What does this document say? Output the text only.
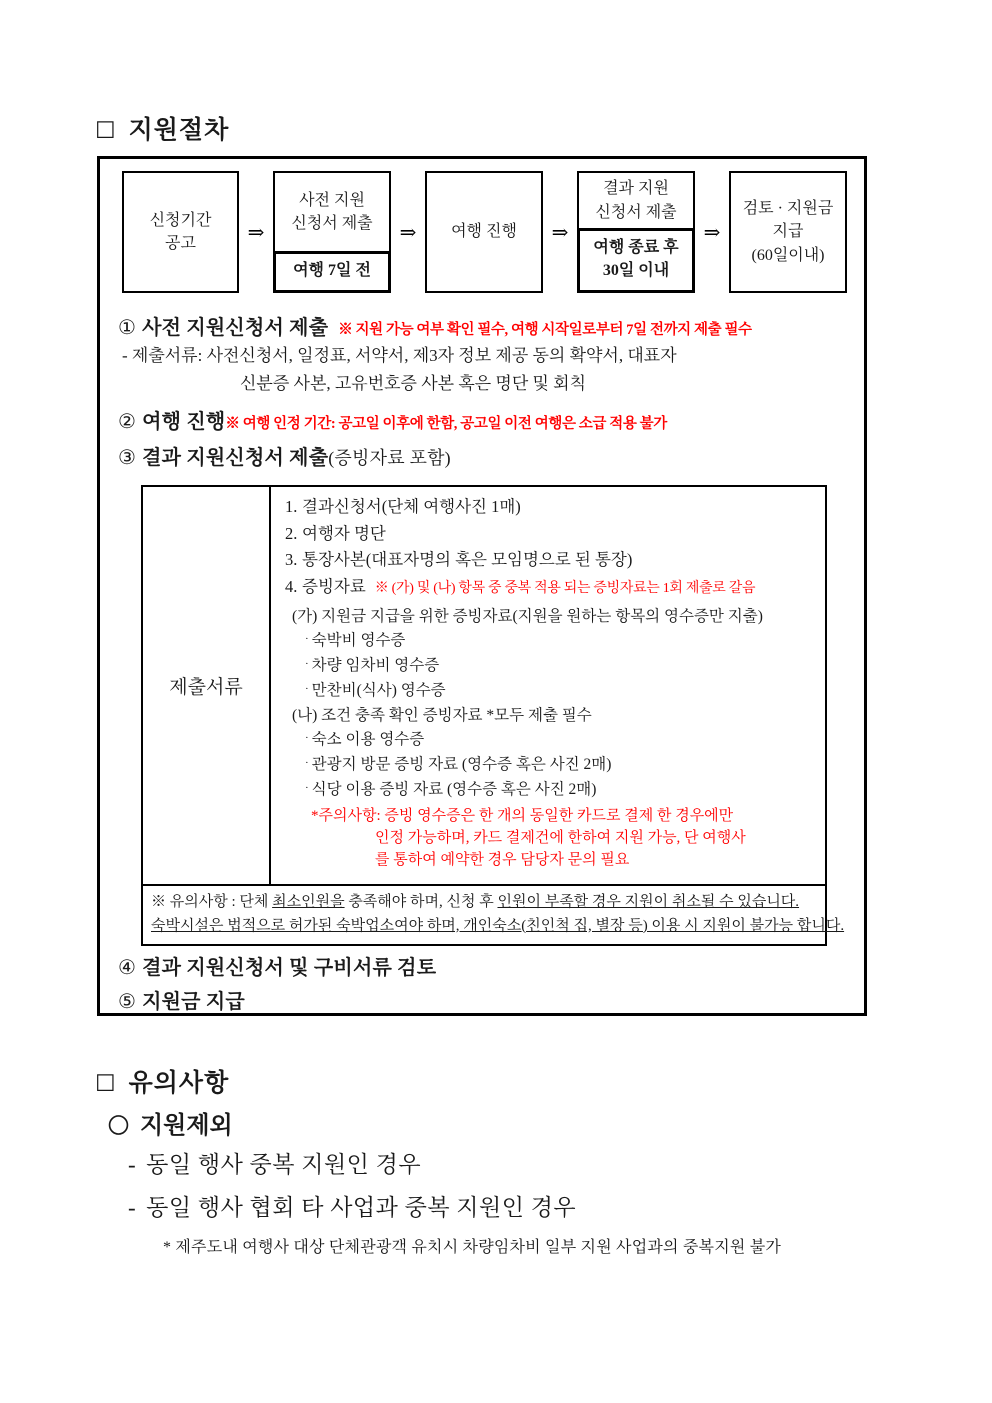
☐ 지원절차
신청기간
공고	⇒
사전 지원
신청서 제출
여행 7일 전
⇒	여행 진행	⇒
결과 지원
신청서 제출
여행 종료 후
30일 이내
⇒
검토 · 지원금
지급
(60일이내)
① 사전 지원신청서 제출 ※ 지원 가능 여부 확인 필수, 여행 시작일로부터 7일 전까지 제출 필수
- 제출서류: 사전신청서, 일정표, 서약서, 제3자 정보 제공 동의 확약서, 대표자
신분증 사본, 고유번호증 사본 혹은 명단 및 회칙
② 여행 진행※ 여행 인정 기간: 공고일 이후에 한함, 공고일 이전 여행은 소급 적용 불가
③ 결과 지원신청서 제출(증빙자료 포함)
제출서류
1. 결과신청서(단체 여행사진 1매)
2. 여행자 명단
3. 통장사본(대표자명의 혹은 모임명으로 된 통장)
4. 증빙자료 ※ (가) 및 (나) 항목 중 중복 적용 되는 증빙자료는 1회 제출로 갈음
(가) 지원금 지급을 위한 증빙자료(지원을 원하는 항목의 영수증만 지출)
· 숙박비 영수증
· 차량 임차비 영수증
· 만찬비(식사) 영수증
(나) 조건 충족 확인 증빙자료 *모두 제출 필수
· 숙소 이용 영수증
· 관광지 방문 증빙 자료 (영수증 혹은 사진 2매)
· 식당 이용 증빙 자료 (영수증 혹은 사진 2매)
*주의사항: 증빙 영수증은 한 개의 동일한 카드로 결제 한 경우에만
인정 가능하며, 카드 결제건에 한하여 지원 가능, 단 여행사
를 통하여 예약한 경우 담당자 문의 필요
※ 유의사항 : 단체 최소인원을 충족해야 하며, 신청 후 인원이 부족할 경우 지원이 취소될 수 있습니다.
숙박시설은 법적으로 허가된 숙박업소여야 하며, 개인숙소(친인척 집, 별장 등) 이용 시 지원이 불가능 합니다.
④ 결과 지원신청서 및 구비서류 검토
⑤ 지원금 지급
☐ 유의사항
〇 지원제외
- 동일 행사 중복 지원인 경우
- 동일 행사 협회 타 사업과 중복 지원인 경우
* 제주도내 여행사 대상 단체관광객 유치시 차량임차비 일부 지원 사업과의 중복지원 불가
